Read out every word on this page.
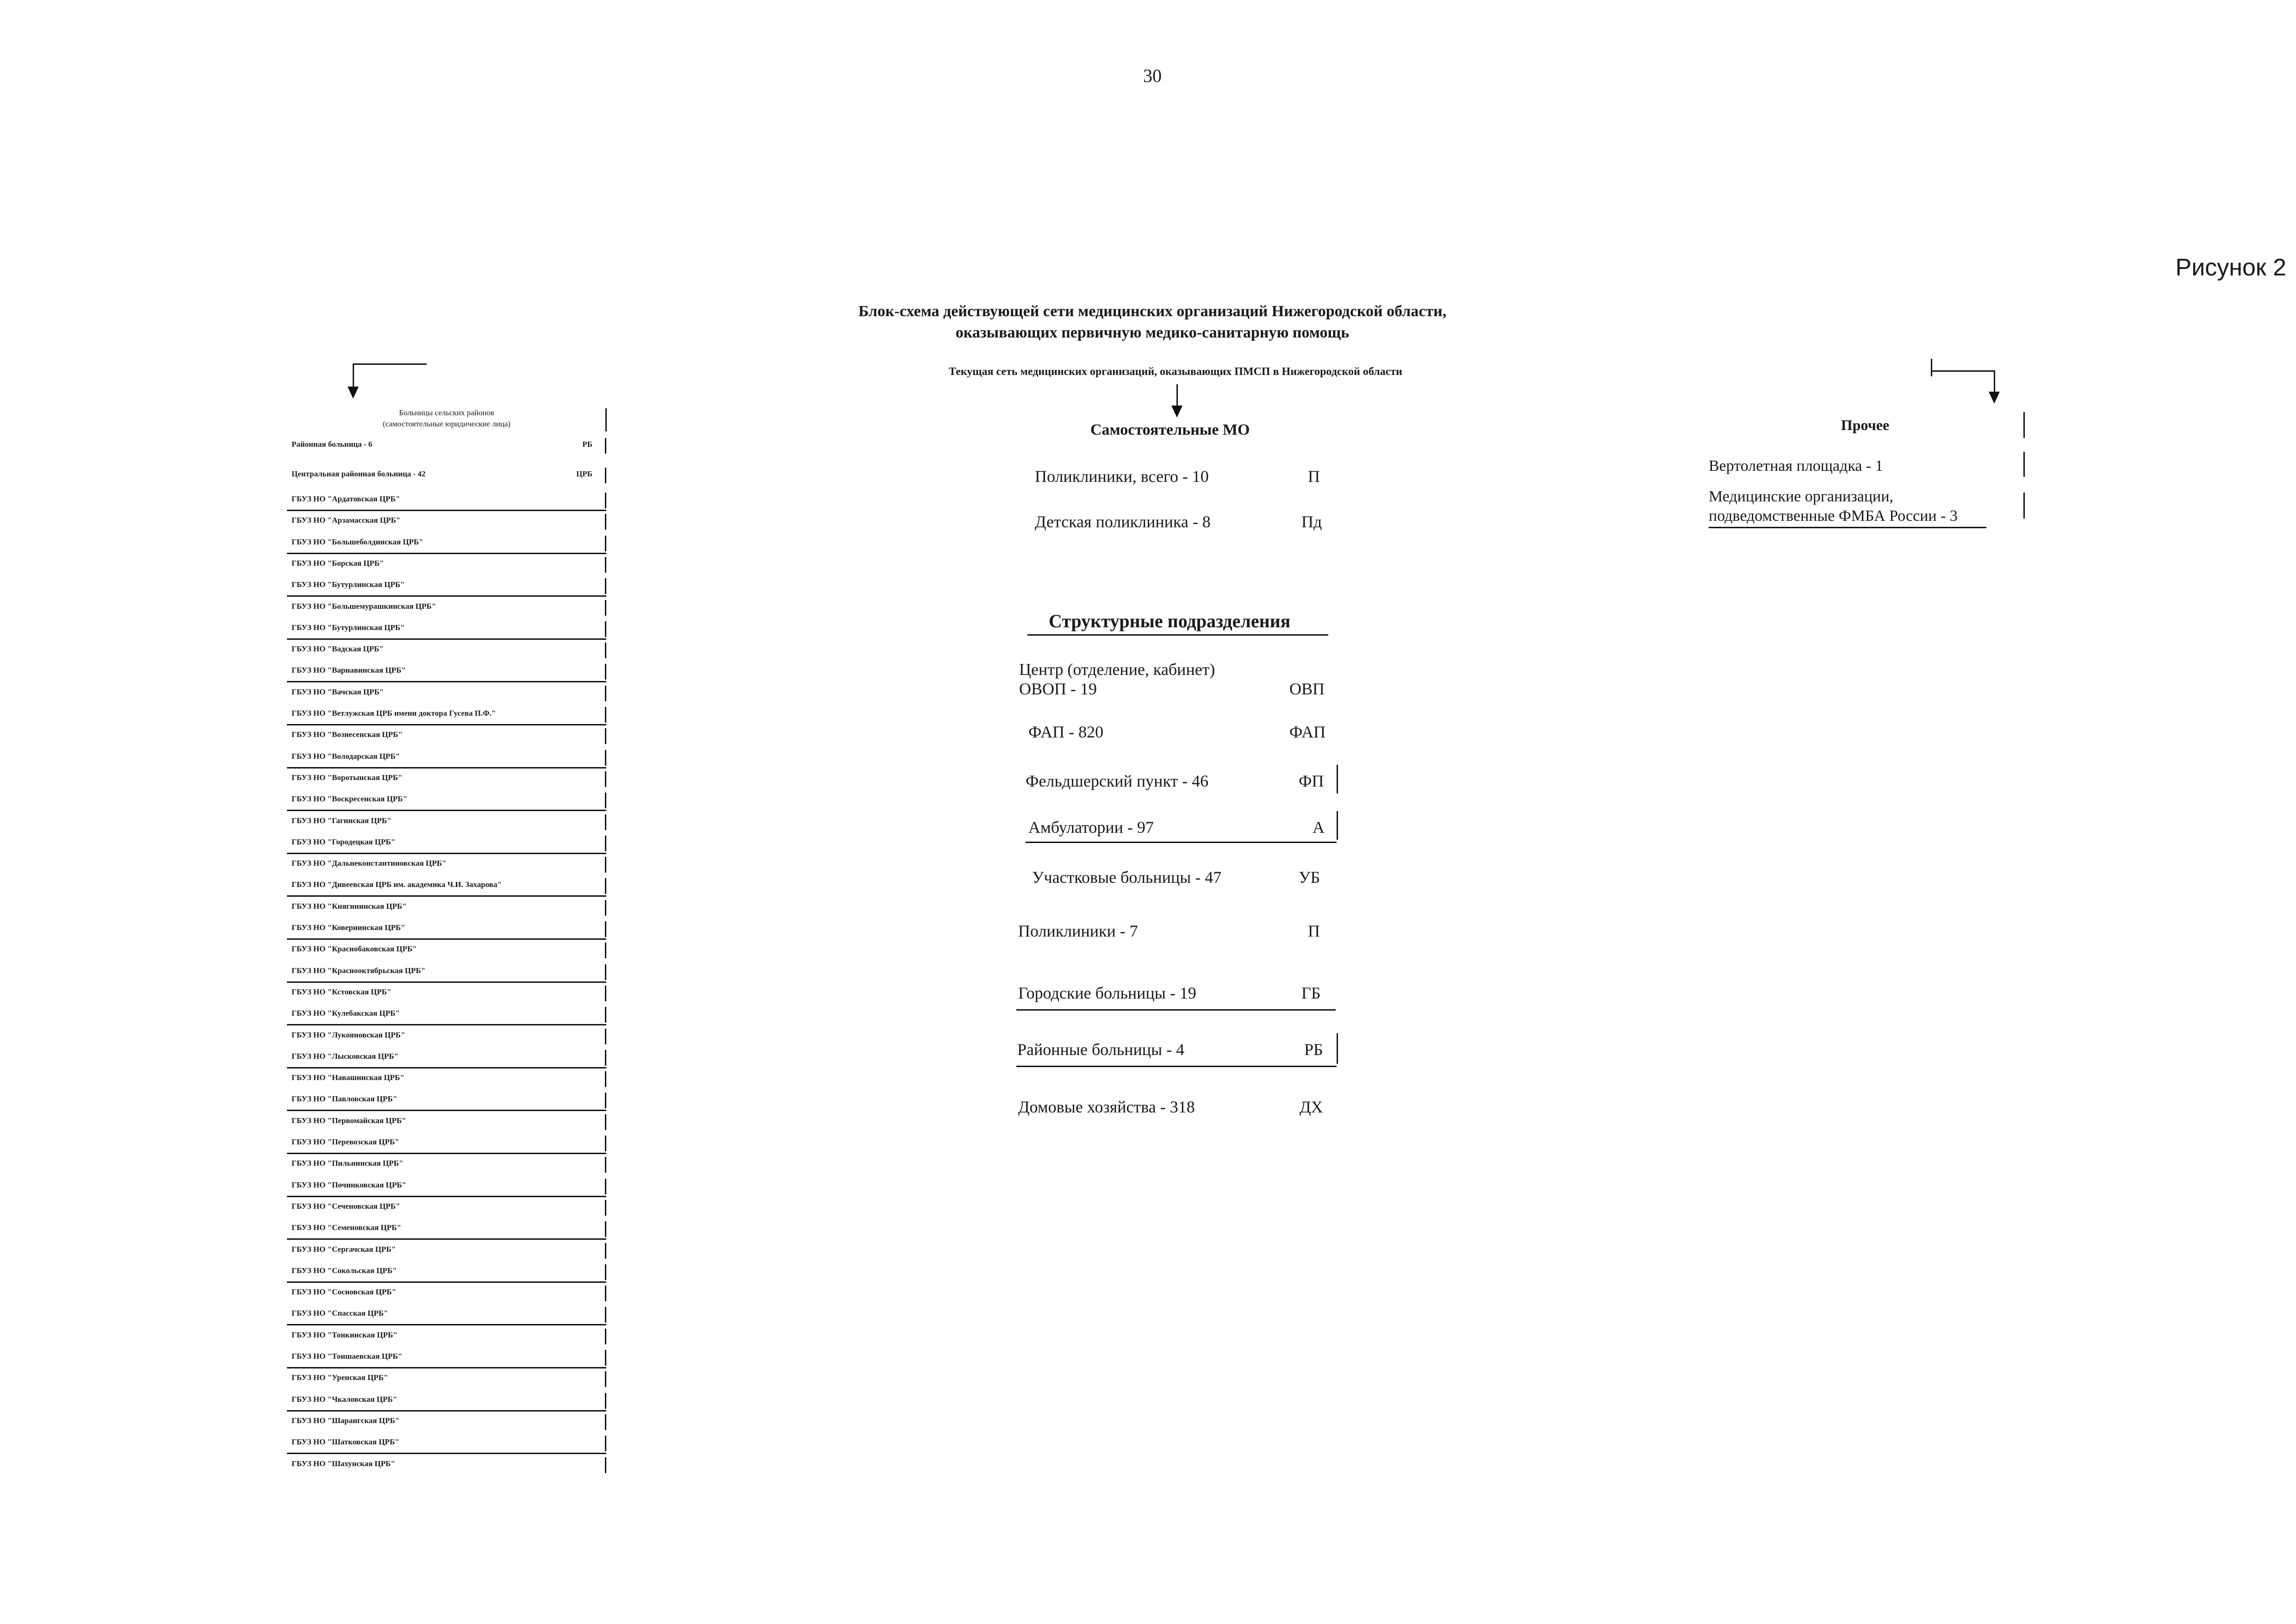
30
Рисунок 2
Блок-схема действующей сети медицинских организаций Нижегородской области,
оказывающих первичную медико-санитарную помощь
Текущая сеть медицинских организаций, оказывающих ПМСП в Нижегородской области
Больницы сельских районов
(самостоятельные юридические лица)
Районная больница - 6	РБ
Центральная районная больница - 42	ЦРБ
ГБУЗ НО "Ардатовская ЦРБ"
ГБУЗ НО "Арзамасская ЦРБ"
ГБУЗ НО "Большеболдинская ЦРБ"
ГБУЗ НО "Борская ЦРБ"
ГБУЗ НО "Бутурлинская ЦРБ"
ГБУЗ НО "Большемурашкинская ЦРБ"
ГБУЗ НО "Бутурлинская ЦРБ"
ГБУЗ НО "Вадская ЦРБ"
ГБУЗ НО "Варнавинская ЦРБ"
ГБУЗ НО "Вачская ЦРБ"
ГБУЗ НО "Ветлужская ЦРБ имени доктора Гусева П.Ф."
ГБУЗ НО "Вознесенская ЦРБ"
ГБУЗ НО "Володарская ЦРБ"
ГБУЗ НО "Воротынская ЦРБ"
ГБУЗ НО "Воскресенская ЦРБ"
ГБУЗ НО "Гагинская ЦРБ"
ГБУЗ НО "Городецкая ЦРБ"
ГБУЗ НО "Дальнеконстантиновская ЦРБ"
ГБУЗ НО "Дивеевская ЦРБ им. академика Ч.И. Захарова"
ГБУЗ НО "Княгининская ЦРБ"
ГБУЗ НО "Ковернинская ЦРБ"
ГБУЗ НО "Краснобаковская ЦРБ"
ГБУЗ НО "Краснооктябрьская ЦРБ"
ГБУЗ НО "Кстовская ЦРБ"
ГБУЗ НО "Кулебакская ЦРБ"
ГБУЗ НО "Лукояновская ЦРБ"
ГБУЗ НО "Лысковская ЦРБ"
ГБУЗ НО "Навашинская ЦРБ"
ГБУЗ НО "Павловская ЦРБ"
ГБУЗ НО "Первомайская ЦРБ"
ГБУЗ НО "Перевозская ЦРБ"
ГБУЗ НО "Пильнинская ЦРБ"
ГБУЗ НО "Починковская ЦРБ"
ГБУЗ НО "Сеченовская ЦРБ"
ГБУЗ НО "Семеновская ЦРБ"
ГБУЗ НО "Сергачская ЦРБ"
ГБУЗ НО "Сокольская ЦРБ"
ГБУЗ НО "Сосновская ЦРБ"
ГБУЗ НО "Спасская ЦРБ"
ГБУЗ НО "Тонкинская ЦРБ"
ГБУЗ НО "Тоншаевская ЦРБ"
ГБУЗ НО "Уренская ЦРБ"
ГБУЗ НО "Чкаловская ЦРБ"
ГБУЗ НО "Шарангская ЦРБ"
ГБУЗ НО "Шатковская ЦРБ"
ГБУЗ НО "Шахунская ЦРБ"
Самостоятельные МО
Поликлиники, всего - 10	П
Детская поликлиника - 8	Пд
Структурные подразделения
Центр (отделение, кабинет)
ОВОП - 19	ОВП
ФАП - 820	ФАП
Фельдшерский пункт - 46	ФП
Амбулатории - 97	А
Участковые больницы - 47	УБ
Поликлиники - 7	П
Городские больницы - 19	ГБ
Районные больницы - 4	РБ
Домовые хозяйства - 318	ДХ
Прочее
Вертолетная площадка - 1
Медицинские организации,
подведомственные ФМБА России - 3
